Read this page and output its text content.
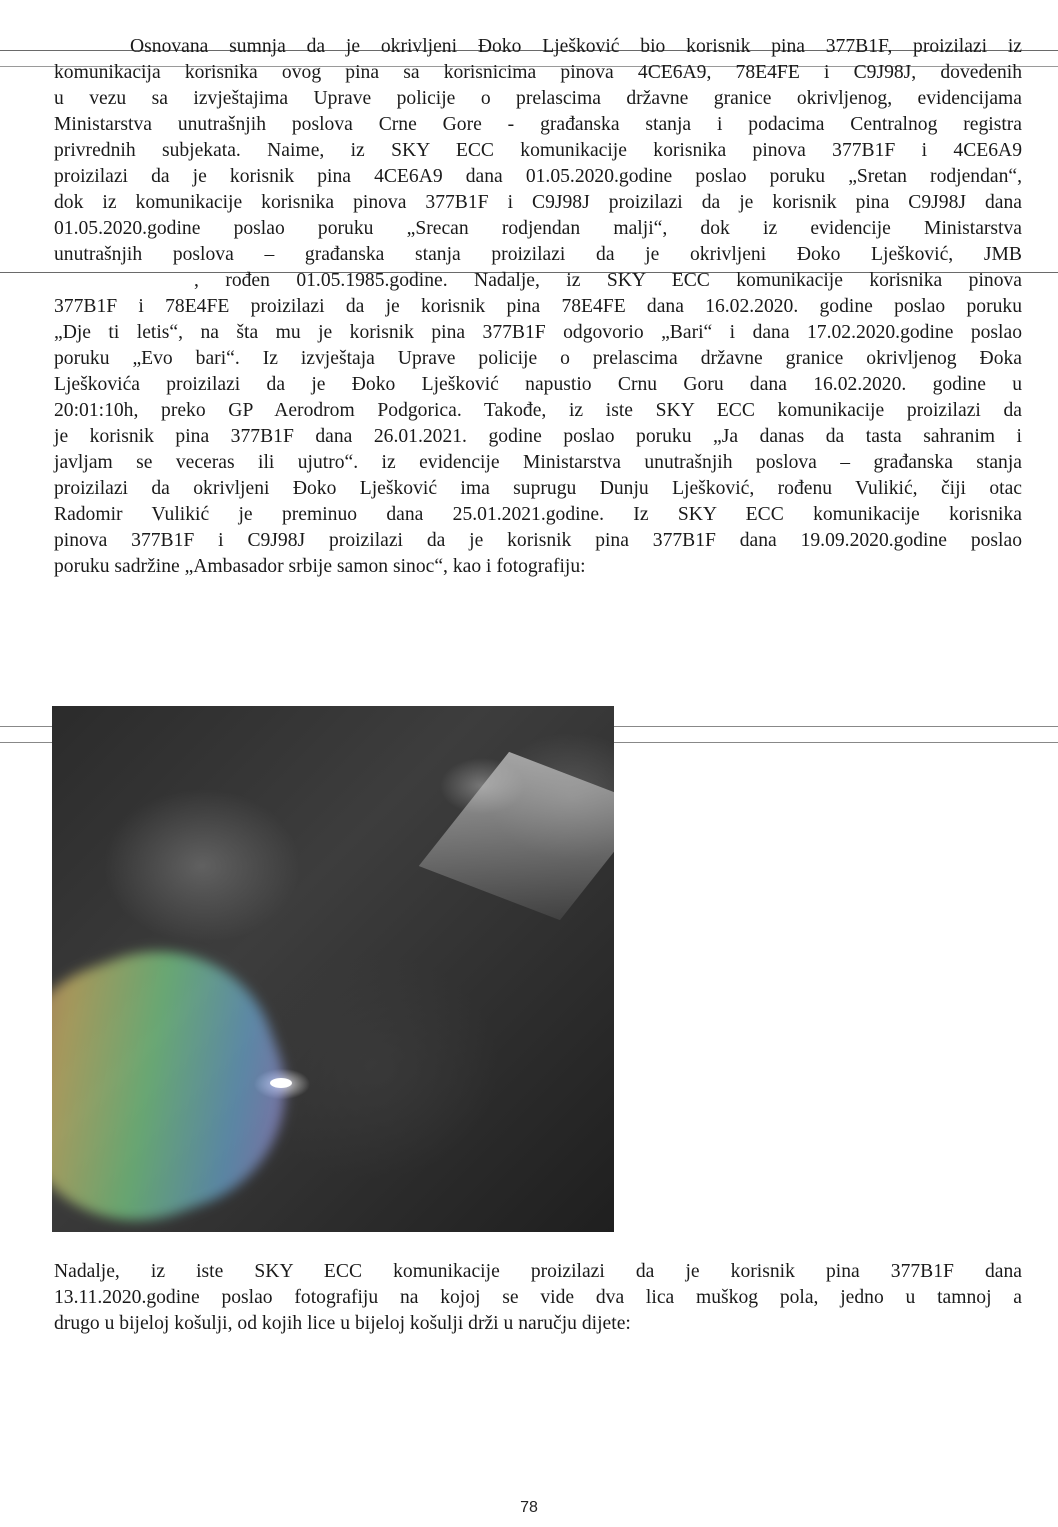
Osnovana sumnja da je okrivljeni Đoko Lješković bio korisnik pina 377B1F, proizilazi iz
komunikacija korisnika ovog pina sa korisnicima pinova 4CE6A9, 78E4FE i C9J98J, dovedenih
u vezu sa izvještajima Uprave policije o prelascima državne granice okrivljenog, evidencijama
Ministarstva unutrašnjih poslova Crne Gore - građanska stanja i podacima Centralnog registra
privrednih subjekata. Naime, iz SKY ECC komunikacije korisnika pinova 377B1F i 4CE6A9
proizilazi da je korisnik pina 4CE6A9 dana 01.05.2020.godine poslao poruku „Sretan rodjendan“,
dok iz komunikacije korisnika pinova 377B1F i C9J98J proizilazi da je korisnik pina C9J98J dana
01.05.2020.godine poslao poruku „Srecan rodjendan malji“, dok iz evidencije Ministarstva
unutrašnjih poslova – građanska stanja proizilazi da je okrivljeni Đoko Lješković, JMB
, rođen 01.05.1985.godine. Nadalje, iz SKY ECC komunikacije korisnika pinova
377B1F i 78E4FE proizilazi da je korisnik pina 78E4FE dana 16.02.2020. godine poslao poruku
„Dje ti letis“, na šta mu je korisnik pina 377B1F odgovorio „Bari“ i dana 17.02.2020.godine poslao
poruku „Evo bari“. Iz izvještaja Uprave policije o prelascima državne granice okrivljenog Đoka
Lješkovića proizilazi da je Đoko Lješković napustio Crnu Goru dana 16.02.2020. godine u
20:01:10h, preko GP Aerodrom Podgorica. Takođe, iz iste SKY ECC komunikacije proizilazi da
je korisnik pina 377B1F dana 26.01.2021. godine poslao poruku „Ja danas da tasta sahranim i
javljam se veceras ili ujutro“. iz evidencije Ministarstva unutrašnjih poslova – građanska stanja
proizilazi da okrivljeni Đoko Lješković ima suprugu Dunju Lješković, rođenu Vulikić, čiji otac
Radomir Vulikić je preminuo dana 25.01.2021.godine. Iz SKY ECC komunikacije korisnika
pinova 377B1F i C9J98J proizilazi da je korisnik pina 377B1F dana 19.09.2020.godine poslao
poruku sadržine „Ambasador srbije samon sinoc“, kao i fotografiju:
Nadalje, iz iste SKY ECC komunikacije proizilazi da je korisnik pina 377B1F dana
13.11.2020.godine poslao fotografiju na kojoj se vide dva lica muškog pola, jedno u tamnoj a
drugo u bijeloj košulji, od kojih lice u bijeloj košulji drži u naručju dijete:
78
